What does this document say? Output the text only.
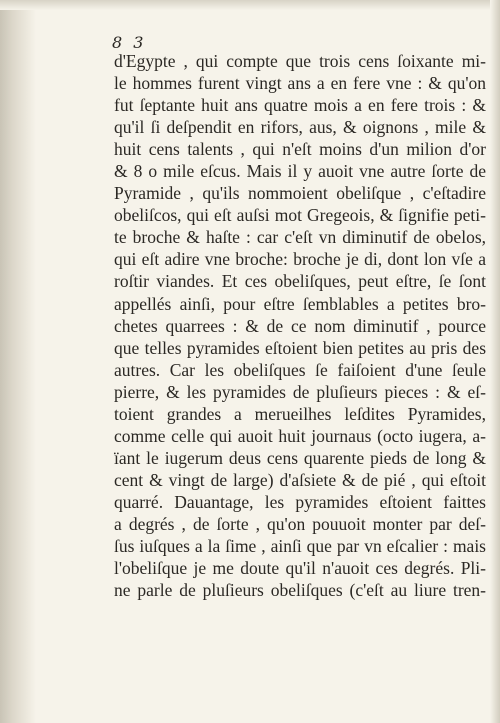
8 3
d'Egypte , qui compte que trois cens ſoixante mi-
le hommes furent vingt ans a en fere vne : & qu'on
fut ſeptante huit ans quatre mois a en fere trois : &
qu'il ſi deſpendit en rifors, aus, & oignons , mile &
huit cens talents , qui n'eſt moins d'un milion d'or
& 8 o mile eſcus. Mais il y auoit vne autre ſorte de
Pyramide , qu'ils nommoient obeliſque , c'eſtadire
obeliſcos, qui eſt auſsi mot Gregeois, & ſignifie peti-
te broche & haſte : car c'eſt vn diminutif de obelos,
qui eſt adire vne broche: broche je di, dont lon vſe a
roſtir viandes. Et ces obeliſques, peut eſtre, ſe ſont
appellés ainſi, pour eſtre ſemblables a petites bro-
chetes quarrees : & de ce nom diminutif , pource
que telles pyramides eſtoient bien petites au pris des
autres. Car les obeliſques ſe faiſoient d'une ſeule
pierre, & les pyramides de pluſieurs pieces : & eſ-
toient grandes a merueilhes leſdites Pyramides,
comme celle qui auoit huit journaus (octo iugera, a-
ïant le iugerum deus cens quarente pieds de long &
cent & vingt de large) d'aſsiete & de pié , qui eſtoit
quarré. Dauantage, les pyramides eſtoient faittes
a degrés , de ſorte , qu'on pouuoit monter par deſ-
ſus iuſques a la ſime , ainſi que par vn eſcalier : mais
l'obeliſque je me doute qu'il n'auoit ces degrés. Pli-
ne parle de pluſieurs obeliſques (c'eſt au liure tren-
